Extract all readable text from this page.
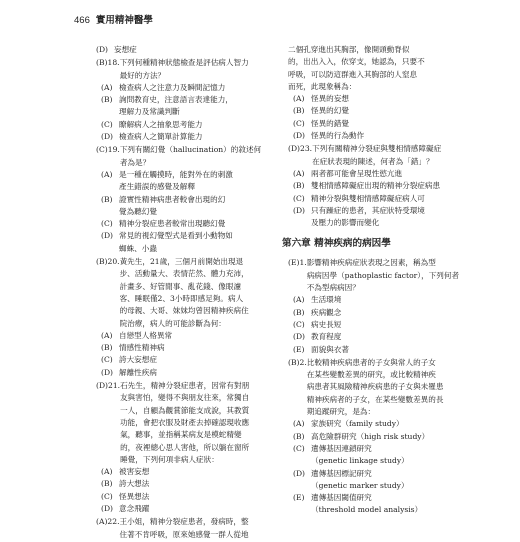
466 實用精神醫學
(D) 妄想症
(B)18. 下列何種精神狀態檢查是評估病人智力
最好的方法？
(A) 檢查病人之注意力及瞬間記憶力
(B) 詢問教育史，注意語言表達能力，
理解力及常識判斷
(C) 瞭解病人之抽象思考能力
(D) 檢查病人之簡單計算能力
(C)19. 下列有關幻覺（hallucination）的敘述何
者為是？
(A) 是一種在觸摸時，能對外在的刺激
產生錯誤的感覺及解釋
(B) 證實性精神病患者較會出現的幻
覺為聽幻覺
(C) 精神分裂症患者較常出現聽幻覺
(D) 常見的視幻覺型式是看到小動物如
蜘蛛、小蟲
(B)20. 黃先生，21歲，三個月前開始出現退
步、活動量大、表情茫然、體力充沛，
計畫多、好管閒事、亂花錢、像眼濾
客、睡眠僅2、3小時即感足夠。病人
的母親、大哥、妹妹均曾因精神疾病住
院治療，病人的可能診斷為何：
(A) 自戀型人格異常
(B) 情感性精神病
(C) 誇大妄想症
(D) 解離性疾病
(D)21. 石先生，精神分裂症患者，因常有對朋
友與害怕，變得不與朋友往來，常獨自
一人，自顧為觀賞節能支成說，其教質
功能，會把衣服及財產去掉確認現收應
氣，聽事，並指稱某病友是模蛇精變
的，夜裡總心思人害他，所以躺在窗所
睡覺，下列何項非病人症狀：
(A) 被害妄想
(B) 誇大想法
(C) 怪異想法
(D) 意念飛躍
(A)22. 王小姐，精神分裂症患者，發病時，整
住著不肯呼吸，原來她感覺一群人從地
二個孔穿進出其胸部，像開頭動脊似
的，出出入入，依穿支，她認為，只要不
呼吸，可以防這群進入其胸部的人窒息
而死，此現象稱為：
(A) 怪異的妄想
(B) 怪異的幻覺
(C) 怪異的錯覺
(D) 怪異的行為動作
(D)23. 下列有關精神分裂症與雙相情感障礙症
在症狀表現的陳述，何者為「錯」？
(A) 兩者都可能會呈現性慾亢進
(B) 雙相情感障礙症出現的精神分裂症病患
(C) 精神分裂與雙相情感障礙症病人可
(D) 只有躁症的患者，其症狀特受環境
及壓力的影響而變化
第六章 精神疾病的病因學
(E)1. 影響精神疾病症狀表現之因素，稱為型
病病因學（pathoplastic factor），下列何者
不為型病病因？
(A) 生活環境
(B) 疾病觀念
(C) 病史長短
(D) 教育程度
(E) 面貌與衣著
(B)2. 比較精神疾病患者的子女與常人的子女
在某些變數差異的研究，或比較精神疾
病患者其風險精神疾病患的子女與未罹患
精神疾病者的子女，在某些變數差異的長
期追蹤研究，是為：
(A) 家族研究（family study）
(B) 高危險群研究（high risk study）
(C) 遺傳基因連鎖研究
（genetic linkage study）
(D) 遺傳基因標記研究
（genetic marker study）
(E) 遺傳基因閾值研究
（threshold model analysis）
